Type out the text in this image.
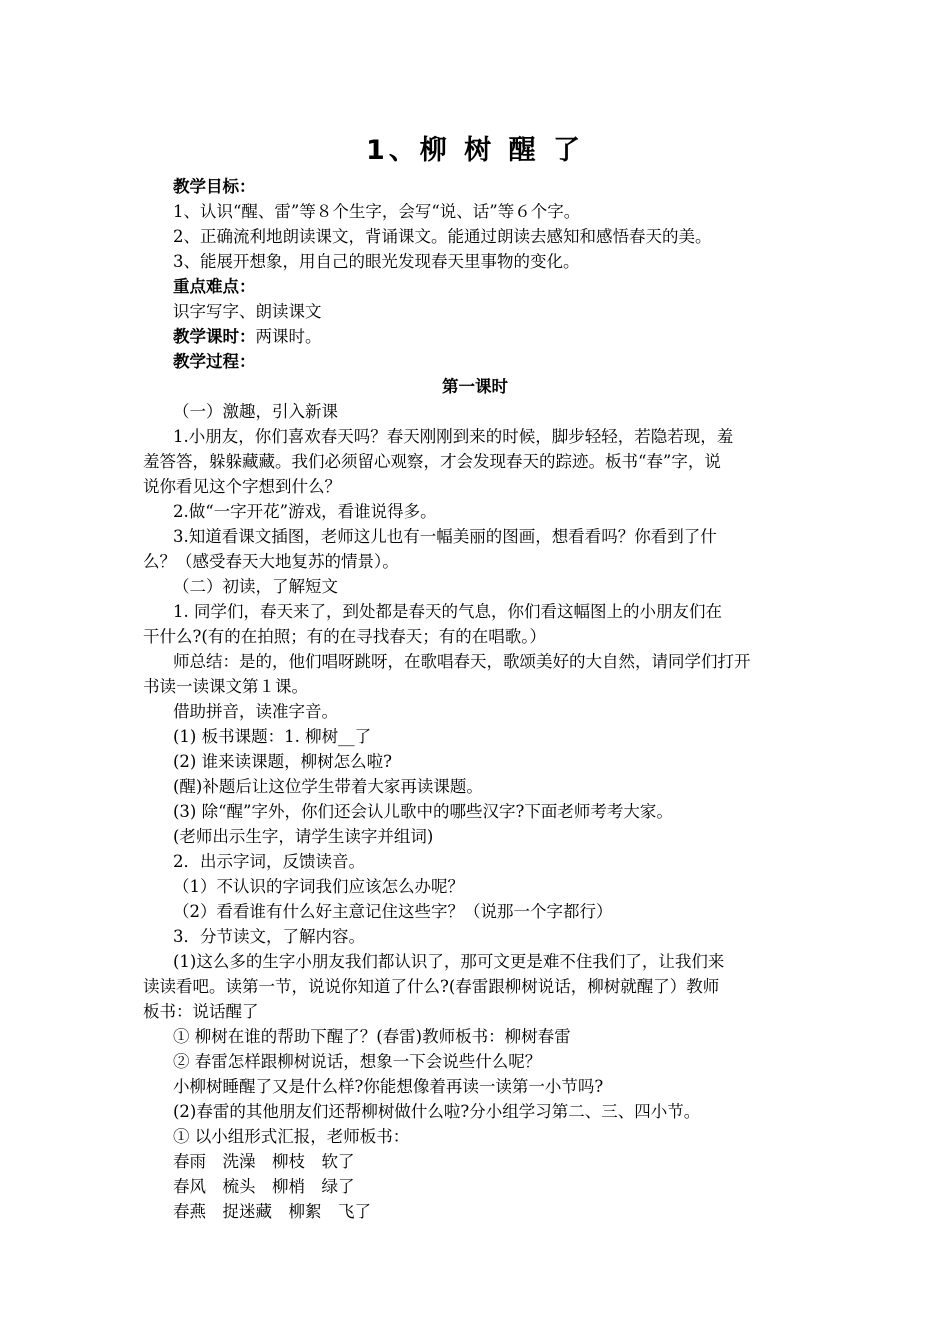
1、柳 树 醒 了
教学目标：
1、认识“醒、雷”等８个生字，会写“说、话”等６个字。
2、正确流利地朗读课文，背诵课文。能通过朗读去感知和感悟春天的美。
3、能展开想象，用自己的眼光发现春天里事物的变化。
重点难点：
识字写字、朗读课文
教学课时：两课时。
教学过程：
第一课时
（一）激趣，引入新课
1.小朋友，你们喜欢春天吗？春天刚刚到来的时候，脚步轻轻，若隐若现，羞
羞答答，躲躲藏藏。我们必须留心观察，才会发现春天的踪迹。板书“春”字，说
说你看见这个字想到什么？
2.做“一字开花”游戏，看谁说得多。
3.知道看课文插图，老师这儿也有一幅美丽的图画，想看看吗？你看到了什
么？（感受春天大地复苏的情景）。
（二）初读，了解短文
1. 同学们，春天来了，到处都是春天的气息，你们看这幅图上的小朋友们在
干什么?(有的在拍照；有的在寻找春天；有的在唱歌。）
师总结：是的，他们唱呀跳呀，在歌唱春天，歌颂美好的大自然，请同学们打开
书读一读课文第１课。
借助拼音，读准字音。
(1) 板书课题：1. 柳树__了
(2) 谁来读课题，柳树怎么啦?
(醒)补题后让这位学生带着大家再读课题。
(3) 除“醒”字外，你们还会认儿歌中的哪些汉字?下面老师考考大家。
(老师出示生字，请学生读字并组词)
2．出示字词，反馈读音。
（1）不认识的字词我们应该怎么办呢？
（2）看看谁有什么好主意记住这些字？（说那一个字都行）
3．分节读文，了解内容。
(1)这么多的生字小朋友我们都认识了，那可文更是难不住我们了，让我们来
读读看吧。读第一节，说说你知道了什么?(春雷跟柳树说话，柳树就醒了）教师
板书：说话醒了
① 柳树在谁的帮助下醒了？(春雷)教师板书：柳树春雷
② 春雷怎样跟柳树说话，想象一下会说些什么呢？
小柳树睡醒了又是什么样?你能想像着再读一读第一小节吗?
(2)春雷的其他朋友们还帮柳树做什么啦?分小组学习第二、三、四小节。
① 以小组形式汇报，老师板书：
春雨　洗澡　柳枝　软了
春风　梳头　柳梢　绿了
春燕　捉迷藏　柳絮　飞了
